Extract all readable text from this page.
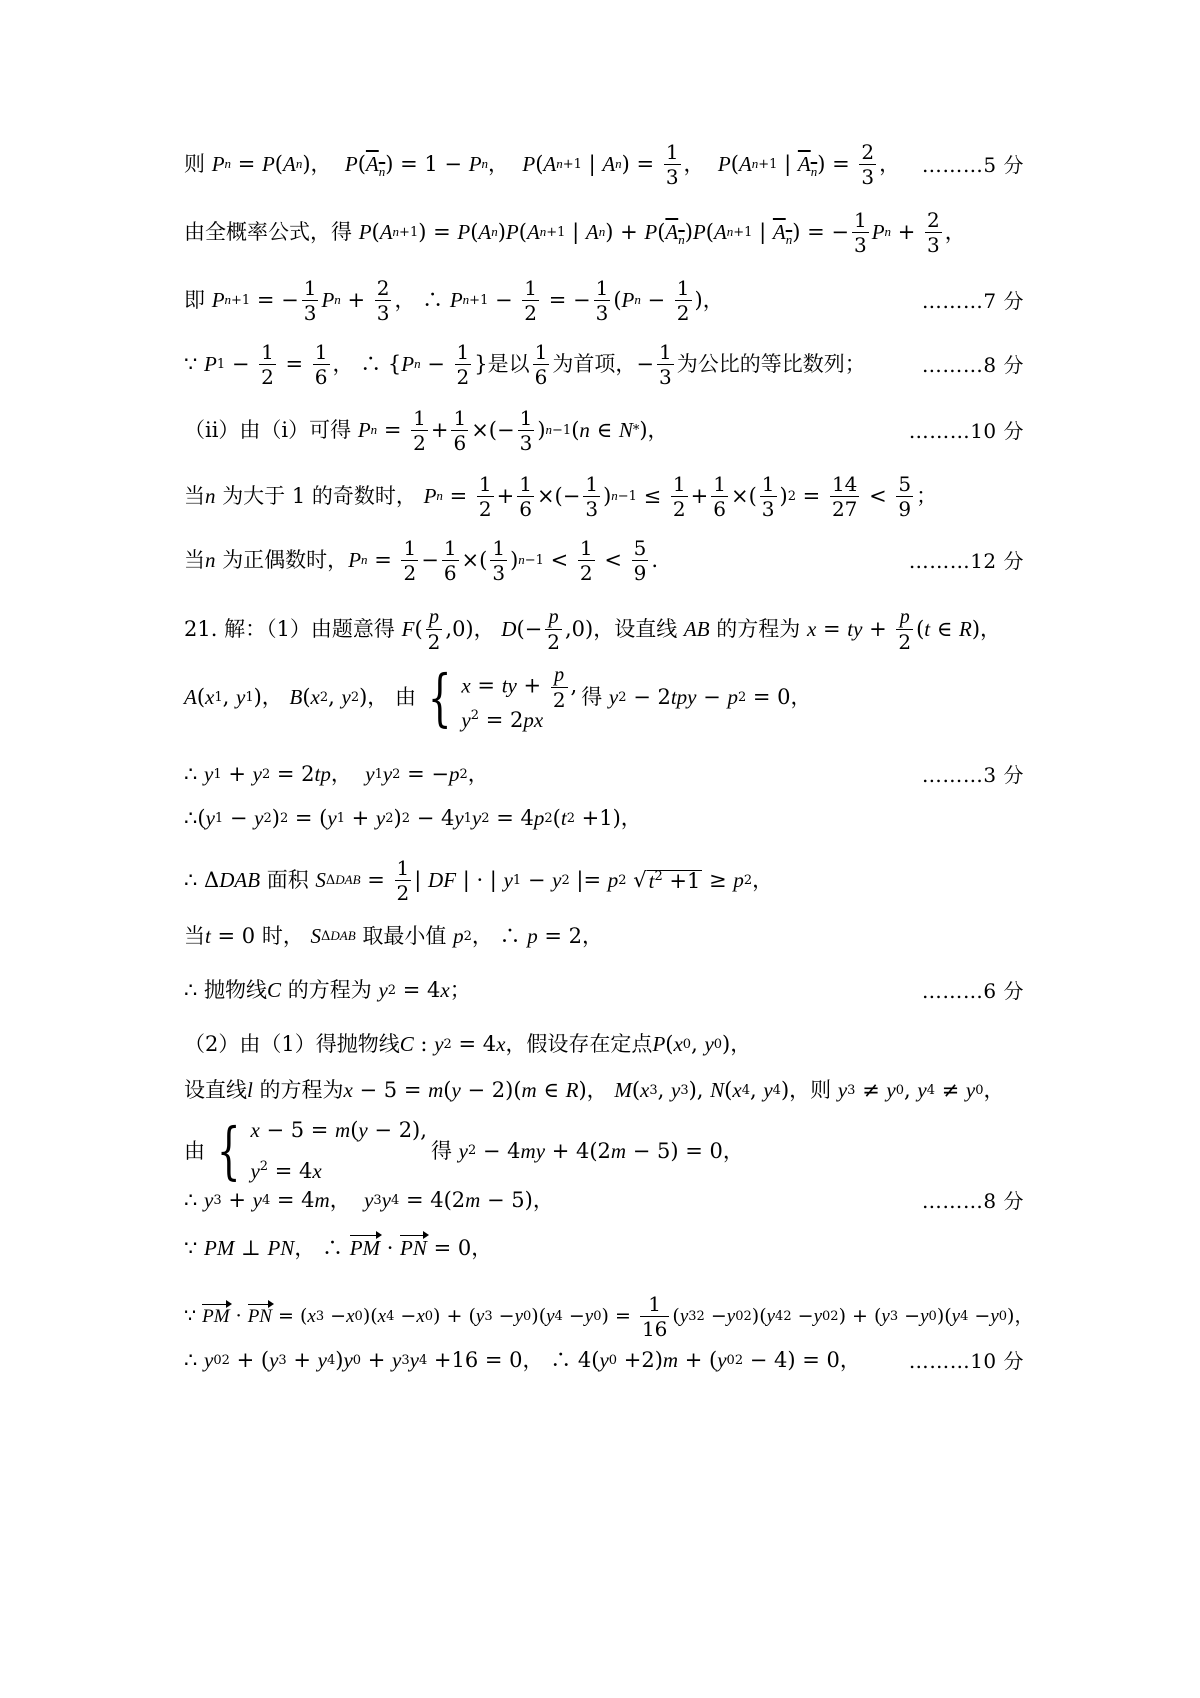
则
P n = P ( A n )， P ( $A_n$ ) = 1 − P n ， P ( A n+1 | A n ) = $\frac{1}{3}$ ， P ( A n+1 | $A_n$ ) = $\frac{2}{3}$ ，	………5 分
由全概率公式，得
P ( A n+1 ) = P ( A n ) P ( A n+1 | A n ) + P ( $A_n$ ) P ( A n+1 | $A_n$ ) = − $\frac{1}{3}$ P $n + \frac{2}{3}$ ，
即
P n+1 = − $\frac{1}{3}$ P $n + \frac{2}{3}$ ， ∴ P $n+1 - \frac{1}{2}$ = − $\frac{1}{3}$ ( P $n - \frac{1}{2}$ )，	………7 分
∵ P $1 - \frac{1}{2} = \frac{1}{6}$ ， ∴ { P $n - \frac{1}{2}$ } 是以 $\frac{1}{6}$ 为首项， − $\frac{1}{3}$ 为公比的等比数列；	………8 分
（ii）由（i）可得
P $n = \frac{1}{2} + \frac{1}{6}$ ×(− $\frac{1}{3}$ ) n−1 ( n ∈ N * )，	………10 分
当 n
为大于 1 的奇数时，
P $n = \frac{1}{2} + \frac{1}{6}$ ×(− $\frac{1}{3}$ ) $n-1 \le \frac{1}{2} + \frac{1}{6}$ ×( $\frac{1}{3}$ ) $2 = \frac{14}{27} < \frac{5}{9}$ ；
当 n
为正偶数时， P $n = \frac{1}{2} - \frac{1}{6}$ ×( $\frac{1}{3}$ ) $n-1 < \frac{1}{2} < \frac{5}{9}$ .	………12 分
21. 解：（1）由题意得
F ( $\frac{p}{2} ,0$)， D (− $\frac{p}{2} ,0$) ，设直线
AB
的方程为
x = ty + $\frac{p}{2}$ ( t ∈ R )，
A ( x 1 , y 1 )， B ( x 2 , y 2 )， 由 { x = ty + $\frac{p}{2}$ ,
$y^2 = 2px$
得
y 2 − 2 tpy − p 2 = 0，
∴ y 1 + y 2 = 2 tp ， y 1 y 2 = − p 2 ，	………3 分
∴( y 1 − y 2 ) 2 = ( y 1 + y 2 ) 2 − 4 y 1 y 2 = 4 p 2 ( t 2 +1)，
∴ Δ DAB
面积
S $\Delta DAB = \frac{1}{2}$ | DF | · | y 1 − y 2 |= p 2 √ $t^2 +1 \ge p$ 2 ，
当 t = 0 时，
S ΔDAB
取最小值
p 2 ， ∴ p = 2，
∴ 抛物线 C
的方程为
y 2 = 4 x ；	………6 分
（2）由（1）得抛物线 C : y 2 = 4 x ，假设存在定点 P ( x 0 , y 0 )，
设直线 l
的方程为 x − 5 = m ( y − 2)( m ∈ R )， M ( x 3 , y 3 ), N ( x 4 , y 4 ) ，则
y 3 ≠ y 0 , y 4 ≠ y 0 ，
由 { x − 5 = m(y − 2),
$y^2 = 4x$
得
y 2 − 4 my + 4(2 m − 5) = 0，
∴ y 3 + y 4 = 4 m ， y 3 y 4 = 4(2 m − 5)，	………8 分
∵ PM ⊥ PN ， ∴ PM · PN = 0，
∵ PM · PN = ( x 3 − x 0 )( x 4 − x 0 ) + ( y 3 − y 0 )( y 4 − y 0 ) = $\frac{1}{16}$ ( y 3 2 − y 0 2 )( y 4 2 − y 0 2 ) + ( y 3 − y 0 )( y 4 − y 0 )，
∴ y 0 2 + ( y 3 + y 4 ) y 0 + y 3 y 4 +16 = 0， ∴ 4( y 0 +2) m + ( y 0 2 − 4) = 0，	………10 分
